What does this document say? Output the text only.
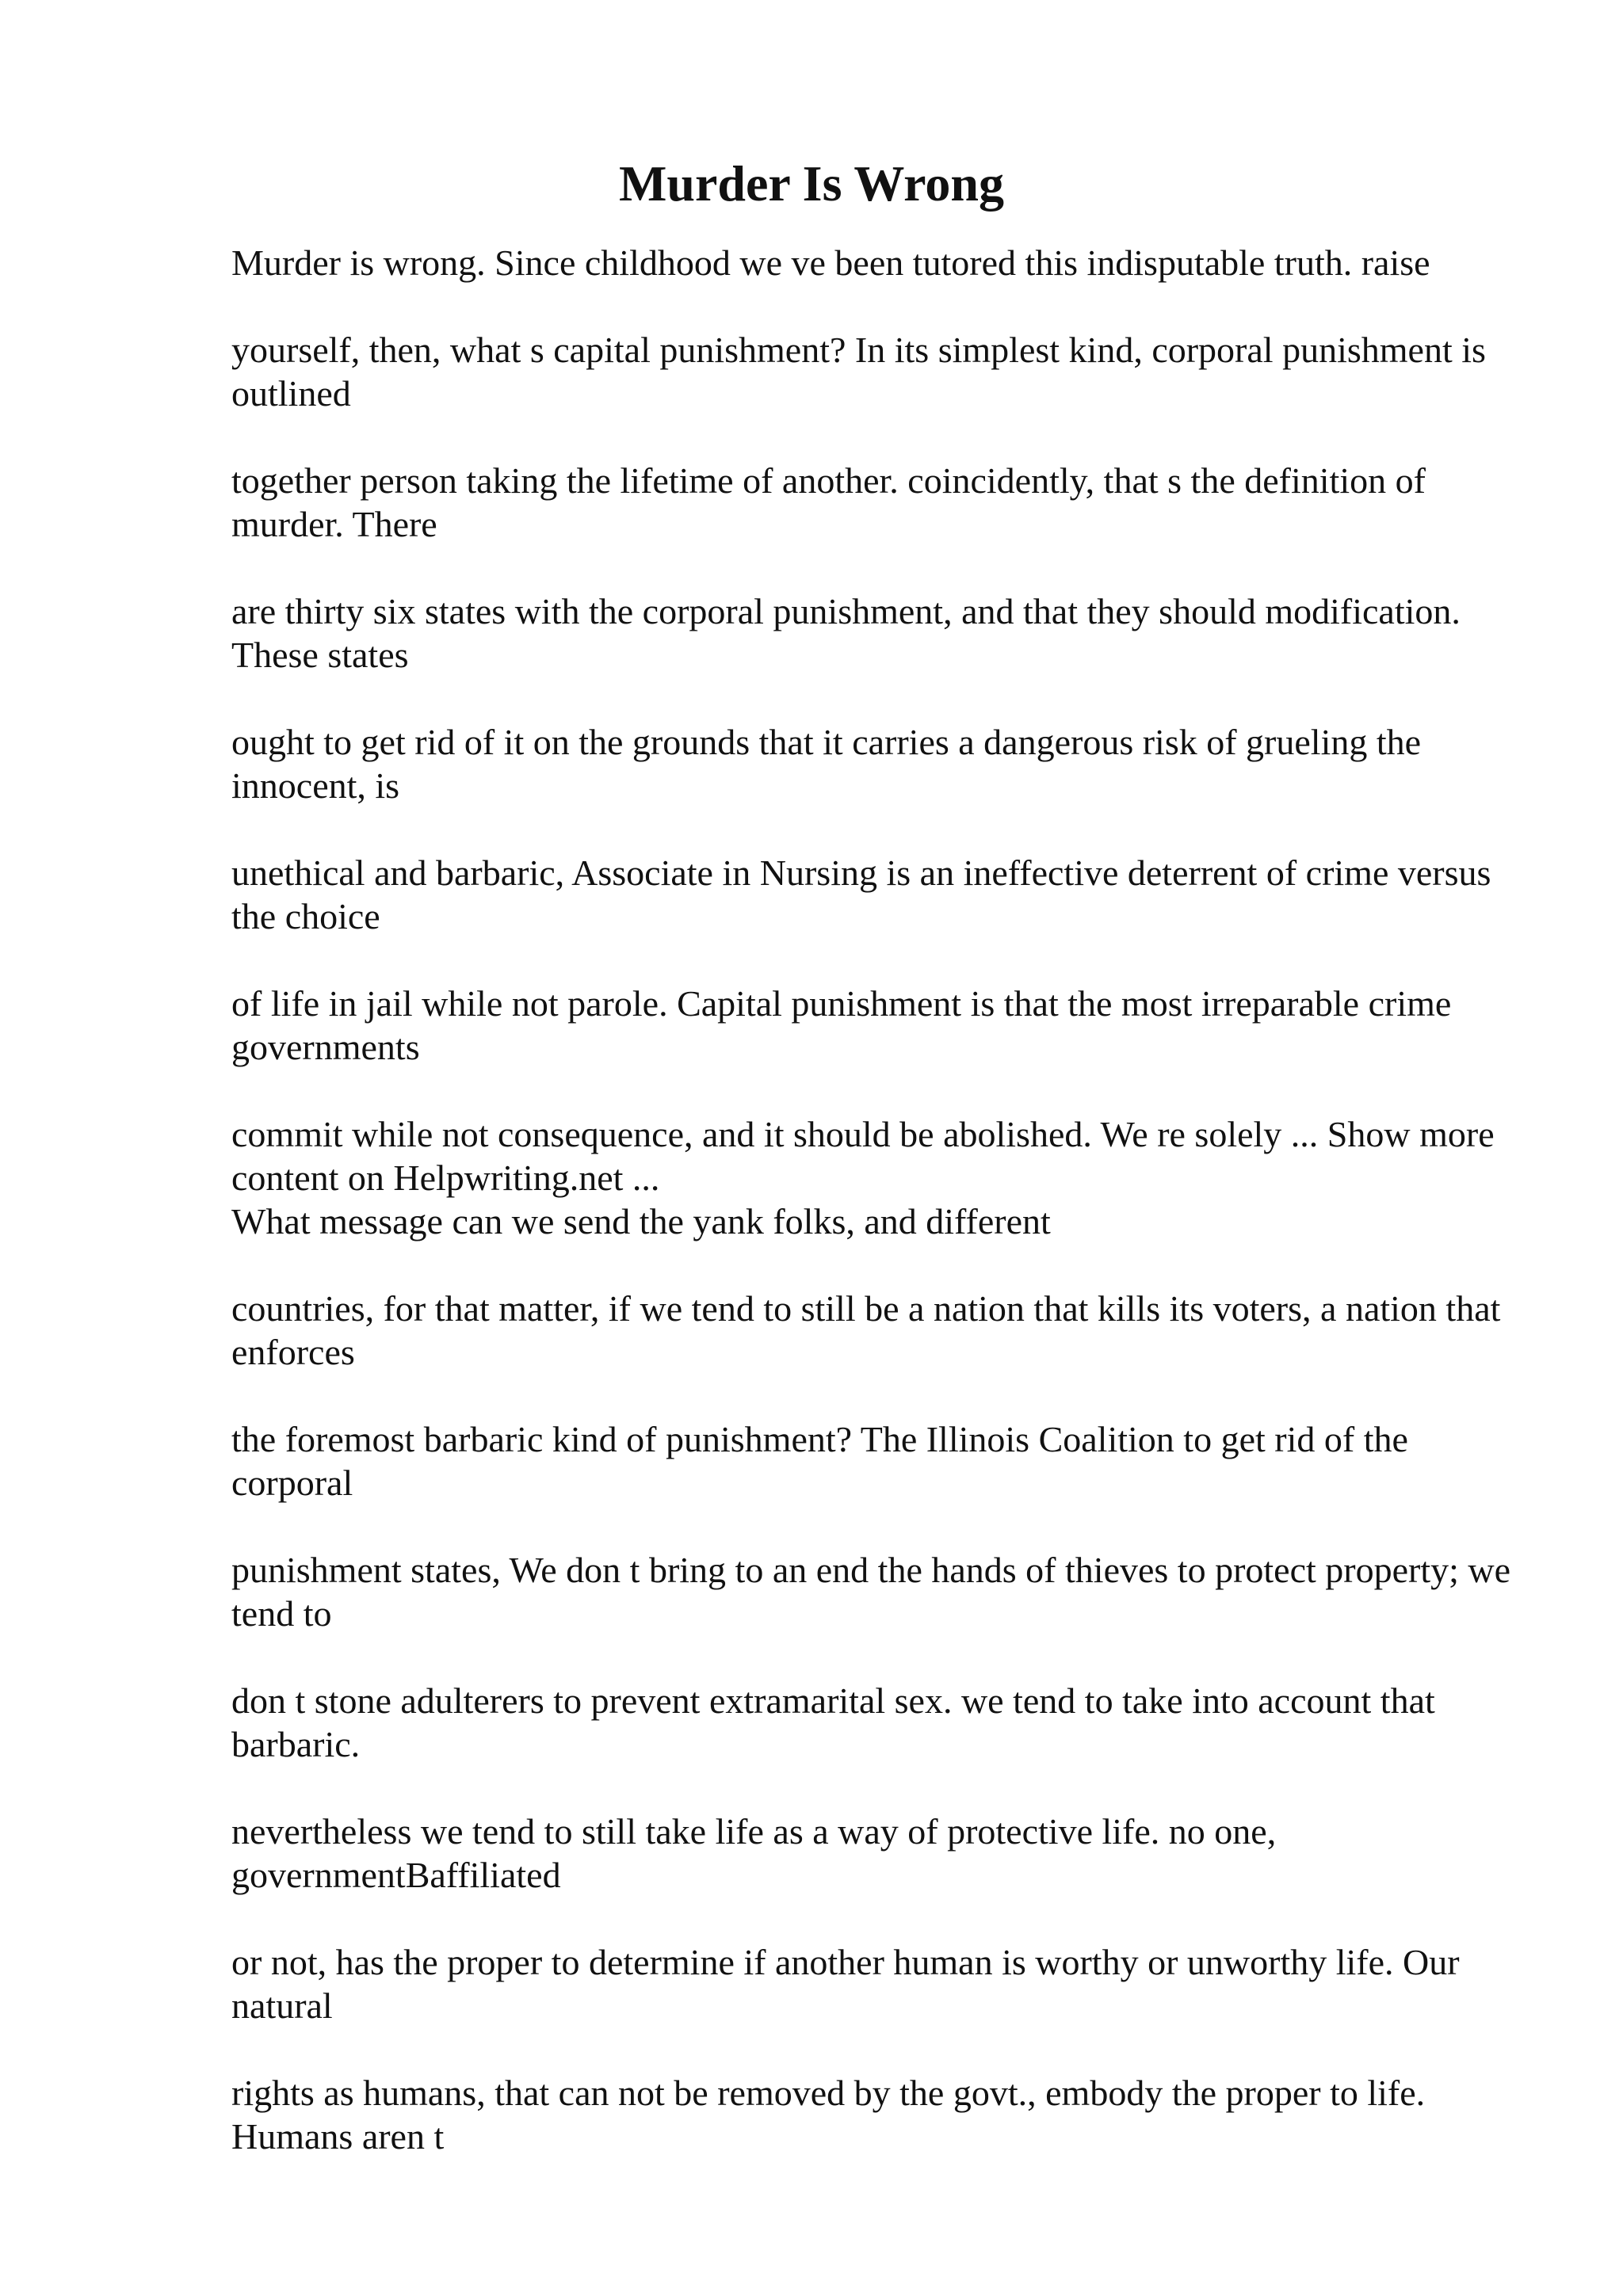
Murder Is Wrong

Murder is wrong. Since childhood we ve been tutored this indisputable truth. raise

yourself, then, what s capital punishment? In its simplest kind, corporal punishment is outlined

together person taking the lifetime of another. coincidently, that s the definition of murder. There

are thirty six states with the corporal punishment, and that they should modification. These states

ought to get rid of it on the grounds that it carries a dangerous risk of grueling the innocent, is

unethical and barbaric, Associate in Nursing is an ineffective deterrent of crime versus the choice

of life in jail while not parole. Capital punishment is that the most irreparable crime governments

commit while not consequence, and it should be abolished. We re solely ... Show more content on Helpwriting.net ...

What message can we send the yank folks, and different

countries, for that matter, if we tend to still be a nation that kills its voters, a nation that enforces

the foremost barbaric kind of punishment? The Illinois Coalition to get rid of the corporal

punishment states, We don t bring to an end the hands of thieves to protect property; we tend to

don t stone adulterers to prevent extramarital sex. we tend to take into account that barbaric.

nevertheless we tend to still take life as a way of protective life. no one, governmentBaffiliated

or not, has the proper to determine if another human is worthy or unworthy life. Our natural

rights as humans, that can not be removed by the govt., embody the proper to life. Humans aren t
